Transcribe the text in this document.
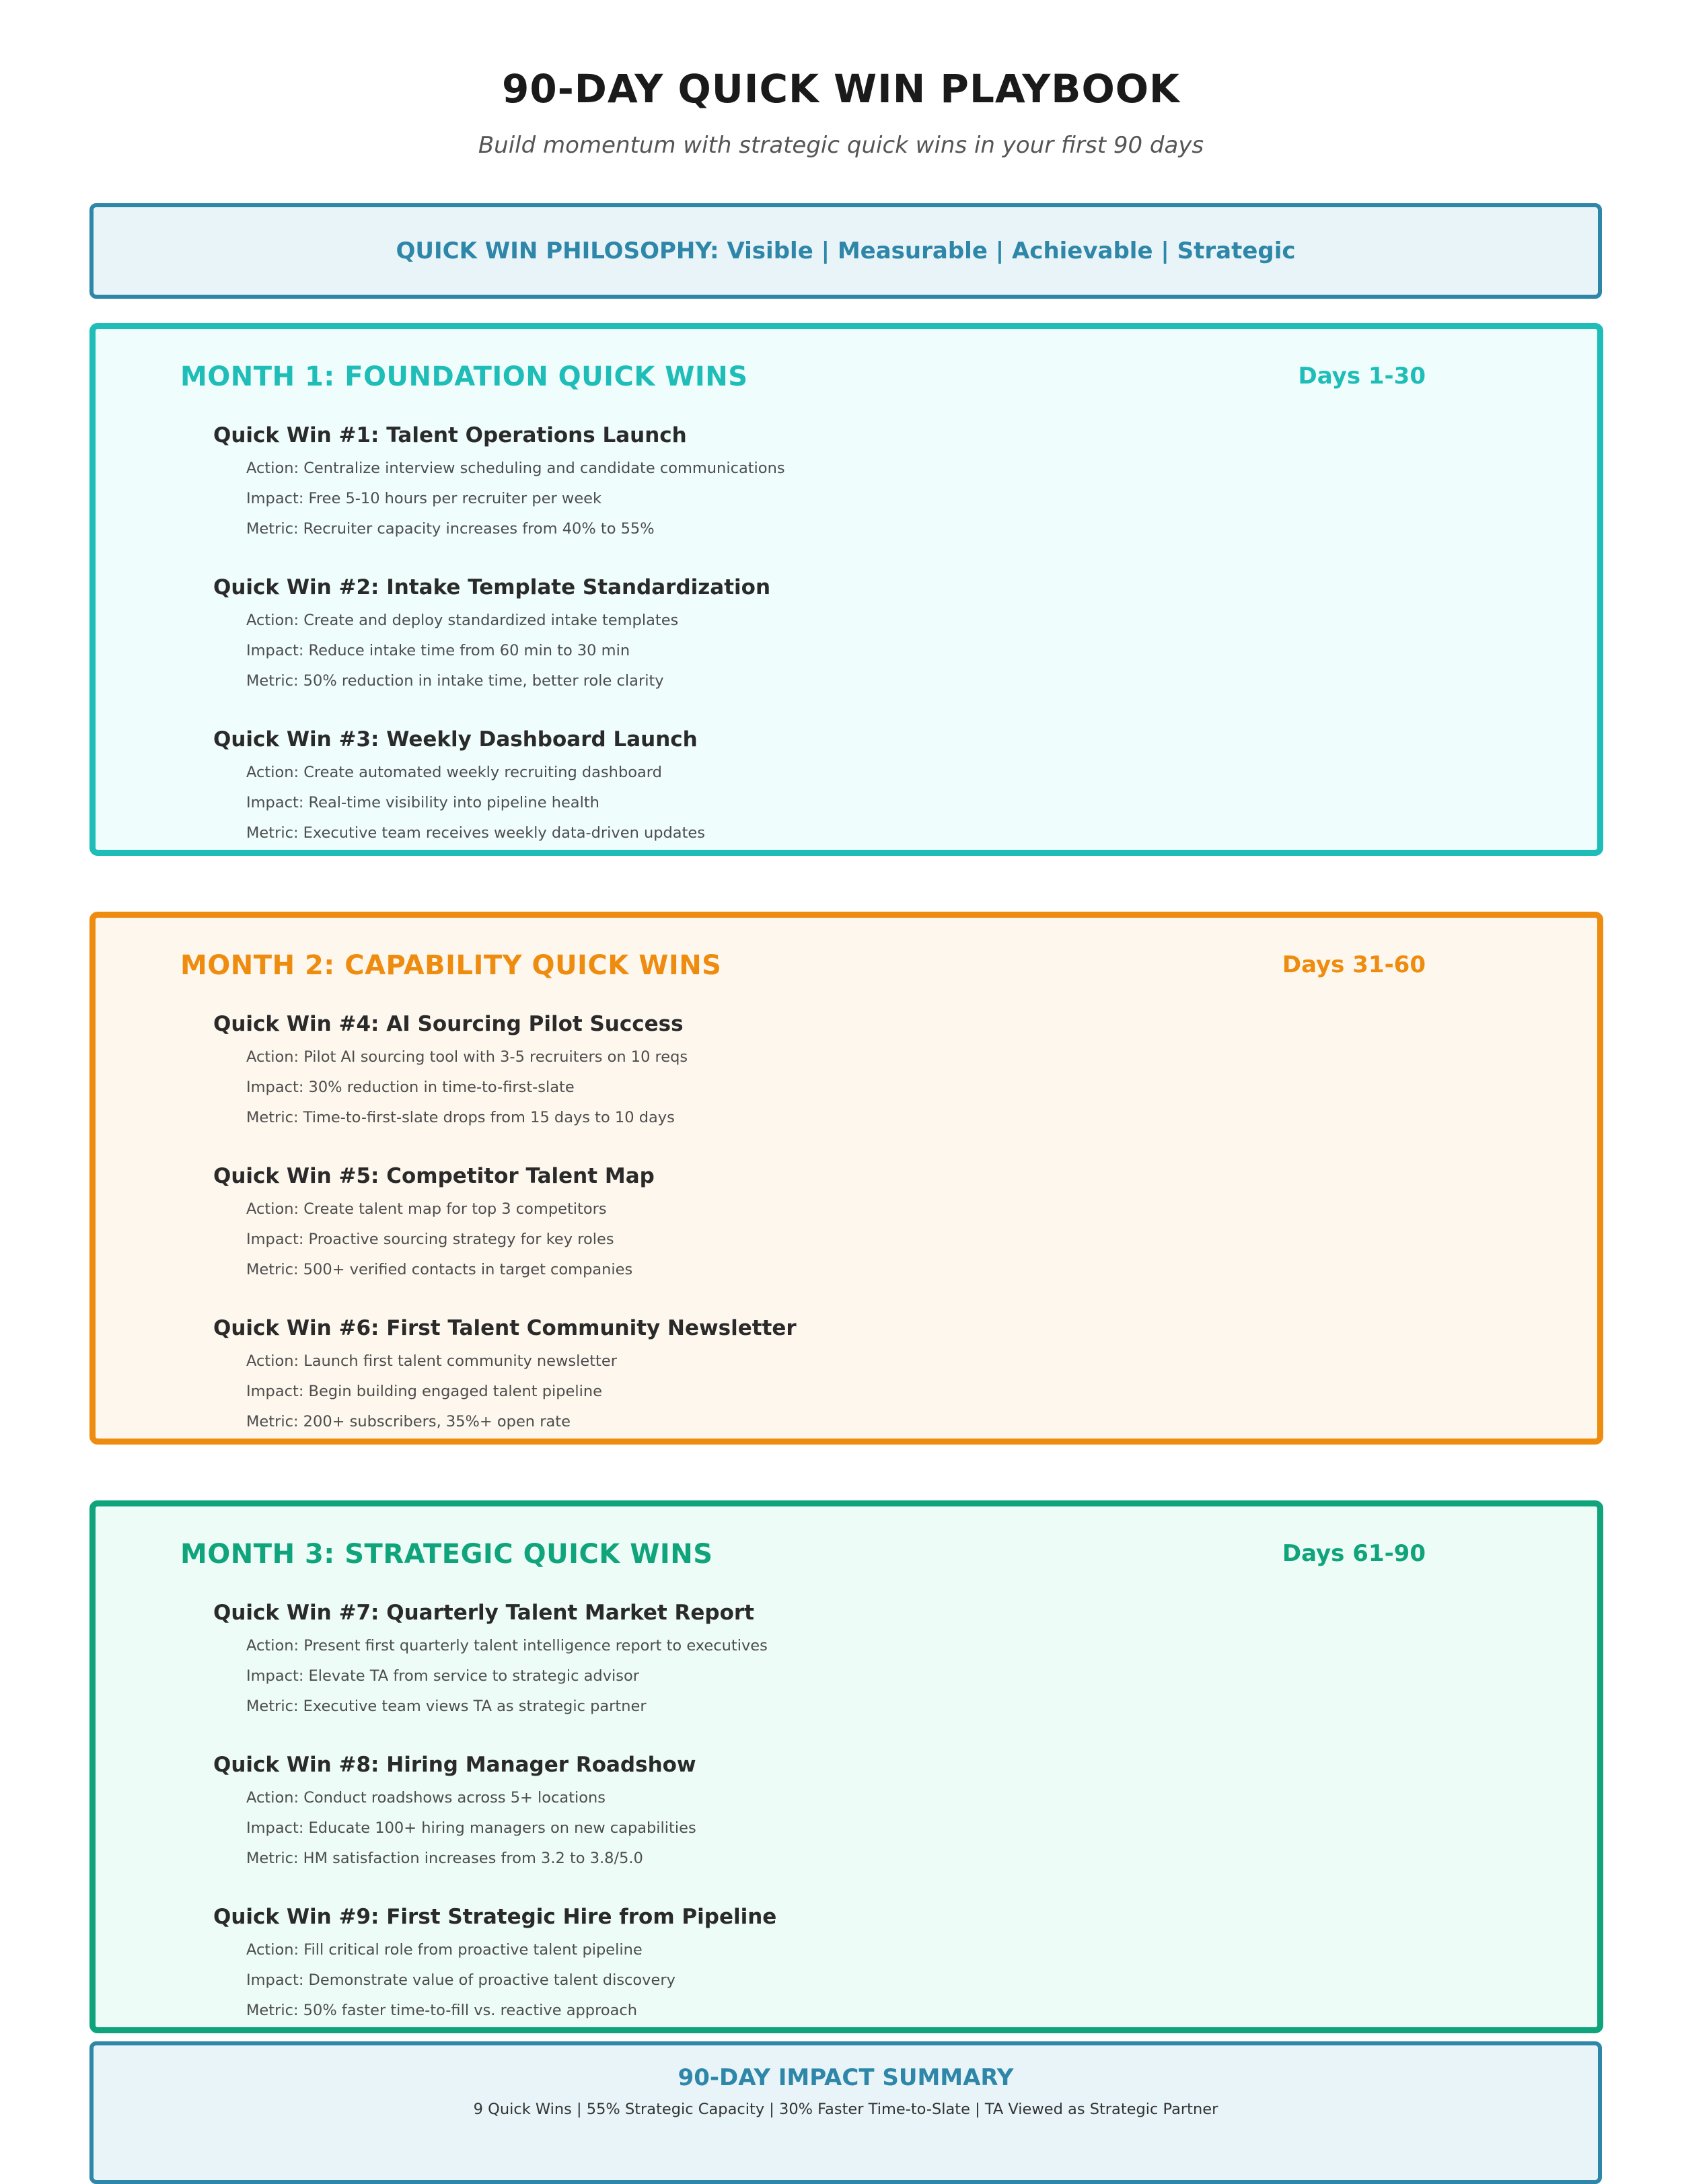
90-DAY QUICK WIN PLAYBOOK
Build momentum with strategic quick wins in your first 90 days
QUICK WIN PHILOSOPHY: Visible | Measurable | Achievable | Strategic
MONTH 1: FOUNDATION QUICK WINS	Days 1-30
Quick Win #1: Talent Operations Launch
Action: Centralize interview scheduling and candidate communications
Impact: Free 5-10 hours per recruiter per week
Metric: Recruiter capacity increases from 40% to 55%
Quick Win #2: Intake Template Standardization
Action: Create and deploy standardized intake templates
Impact: Reduce intake time from 60 min to 30 min
Metric: 50% reduction in intake time, better role clarity
Quick Win #3: Weekly Dashboard Launch
Action: Create automated weekly recruiting dashboard
Impact: Real-time visibility into pipeline health
Metric: Executive team receives weekly data-driven updates
MONTH 2: CAPABILITY QUICK WINS	Days 31-60
Quick Win #4: AI Sourcing Pilot Success
Action: Pilot AI sourcing tool with 3-5 recruiters on 10 reqs
Impact: 30% reduction in time-to-first-slate
Metric: Time-to-first-slate drops from 15 days to 10 days
Quick Win #5: Competitor Talent Map
Action: Create talent map for top 3 competitors
Impact: Proactive sourcing strategy for key roles
Metric: 500+ verified contacts in target companies
Quick Win #6: First Talent Community Newsletter
Action: Launch first talent community newsletter
Impact: Begin building engaged talent pipeline
Metric: 200+ subscribers, 35%+ open rate
MONTH 3: STRATEGIC QUICK WINS	Days 61-90
Quick Win #7: Quarterly Talent Market Report
Action: Present first quarterly talent intelligence report to executives
Impact: Elevate TA from service to strategic advisor
Metric: Executive team views TA as strategic partner
Quick Win #8: Hiring Manager Roadshow
Action: Conduct roadshows across 5+ locations
Impact: Educate 100+ hiring managers on new capabilities
Metric: HM satisfaction increases from 3.2 to 3.8/5.0
Quick Win #9: First Strategic Hire from Pipeline
Action: Fill critical role from proactive talent pipeline
Impact: Demonstrate value of proactive talent discovery
Metric: 50% faster time-to-fill vs. reactive approach
90-DAY IMPACT SUMMARY
9 Quick Wins | 55% Strategic Capacity | 30% Faster Time-to-Slate | TA Viewed as Strategic Partner
